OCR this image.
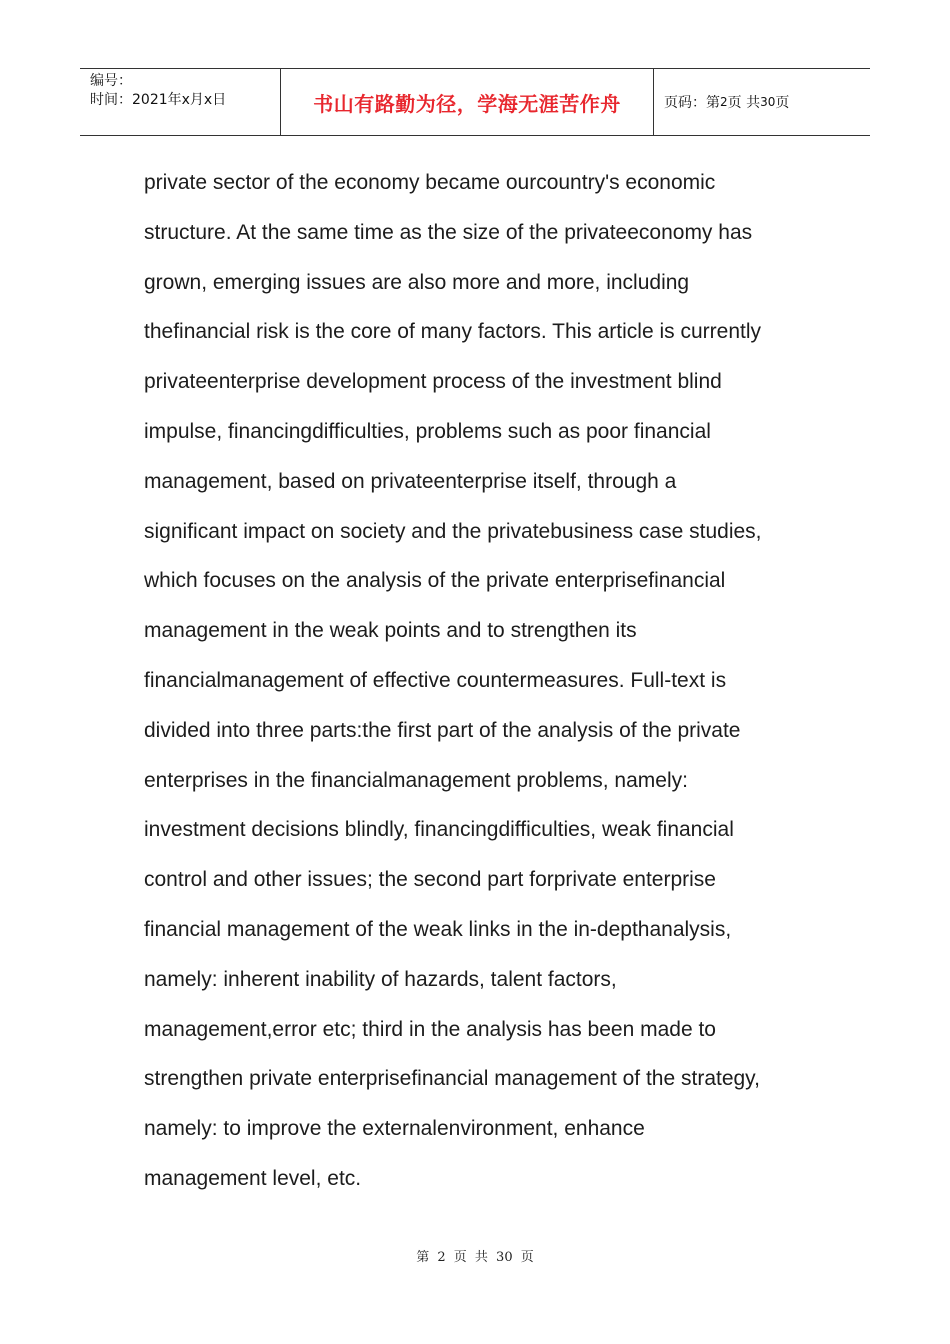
编号：
时间：2021年x月x日	书山有路勤为径，学海无涯苦作舟	页码：第 2 页 共 30 页
private sector of the economy became ourcountry's economic
structure. At the same time as the size of the privateeconomy has
grown, emerging issues are also more and more, including
thefinancial risk is the core of many factors. This article is currently
privateenterprise development process of the investment blind
impulse, financingdifficulties, problems such as poor financial
management, based on privateenterprise itself, through a
significant impact on society and the privatebusiness case studies,
which focuses on the analysis of the private enterprisefinancial
management in the weak points and to strengthen its
financialmanagement of effective countermeasures. Full-text is
divided into three parts:the first part of the analysis of the private
enterprises in the financialmanagement problems, namely:
investment decisions blindly, financingdifficulties, weak financial
control and other issues; the second part forprivate enterprise
financial management of the weak links in the in-depthanalysis,
namely: inherent inability of hazards, talent factors,
management,error etc; third in the analysis has been made to
strengthen private enterprisefinancial management of the strategy,
namely: to improve the externalenvironment, enhance
management level, etc.
第 2 页 共 30 页
